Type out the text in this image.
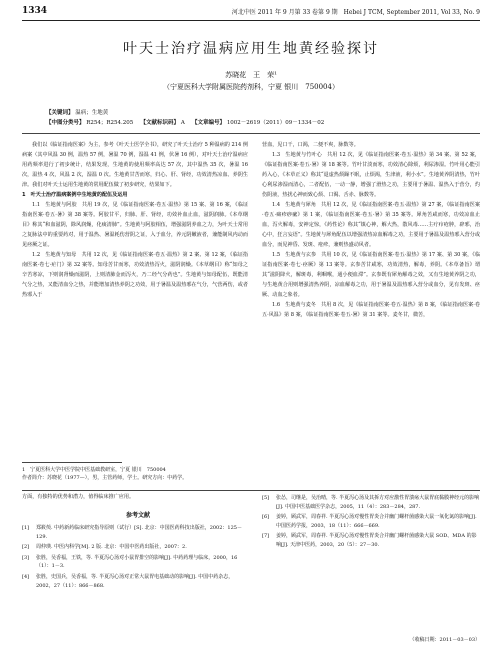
1334	河北中医 2011 年 9 月第 33 卷第 9 期　Hebei J TCM, September 2011, Vol 33, No. 9
叶天士治疗温病应用生地黄经验探讨
苏晓花　王　荣¹
（宁夏医科大学附属医院药剂科，宁夏 银川　750004）
【关键词】 温病；生地黄
【中图分类号】 R254；R254.205　 【文献标识码】 A　 【文章编号】 1002－2619（2011）09－1334－02

我们以《临证指南医案》为主，参考《叶天士医学全书》，研究了叶天士治疗 5 种温病的 214 例病案（其中风温 30 例，温热 57 例，暑温 70 例，湿温 41 例，伏暑 16 例），对叶天士治疗温病应用药频率进行了初步统计，结果发现，生地黄的使用频率高达 57 次，其中温热 35 次，暑温 16 次，温热 4 次，风温 2 次，湿温 0 次。生地黄甘苦而寒，归心、肝、肾经，功效清热凉血、养阴生津。我们对叶天士运用生地黄的常用配伍做了初步研究，结果如下。

1　叶天士治疗温病案例中生地黄的配伍及运用

1.1　生地黄与阿胶　共用 19 次，见《临证指南医案·卷五·温热》第 15 案、第 16 案，《临证指南医案·卷五·暑》第 38 案等。阿胶甘平，归肺、肝、肾经，功效补血止血，滋阴润肺。《本草纲目》称其“和血滋阴，除风润燥，化痰清肺”。生地黄与阿胶相伍，增强滋阴养血之力，为叶天士常用之复脉法中的重要药对，用于温热、暑温耗伤营阴之证，入于血分，养元阴嫩液者，兼能制风内动而见痉厥之证。

1.2　生地黄与知母　共用 12 次，见《临证指南医案·卷五·温热》第 2 案、第 12 案，《临证指南医案·卷七·疟门》第 32 案等。知母苦甘而寒，功效清热泻火，滋阴润燥。《本草纲目》称“知母之辛苦寒凉，下则润肾燥而滋阴，上则清肺金而泻火，乃二经气分药也”。生地黄与知母配伍，既能清气分之热，又能清血分之热，并能增加清热养阴之功效，用于暑温及温热邪在气分，气营两伤，或者热邪入于

营血，见口干，口渴，二便不爽，脉数等。

1.3　生地黄与竹叶心　共用 12 次，见《临证指南医案·卷五·温热》第 34 案、第 52 案，《临证指南医案·卷五·暑》第 18 案等。竹叶甘淡而寒，功效清心除烦，利尿渗湿。竹叶用心能引药入心，《本草正义》称其“退虚热烦躁不眠，止烦渴，生津液，利小水”。生地黄养阴清热，竹叶心利尿渗湿而清心，二者配伍，一动一静，增强了滑热之功，主要用于暑温、温热入于营分，灼伤阴液，热扰心神而致心烦、口渴、舌赤、脉数等。

1.4　生地黄与犀角　共用 12 次，见《临证指南医案·卷五·温热》第 27 案，《临证指南医案·卷五·癍疹痧瘰》第 1 案，《临证指南医案·卷五·暑》第 35 案等。犀角苦咸而寒，功效凉血止血，泻火解毒，安神定惊，《药性论》称其“镇心神，解大热，散风毒……主疔疖疮肿，辟邪，治心中，狂言妄语”。生地黄与犀角配伍以增强清热凉血解毒之功，主要用于暑温及温热邪入营分或血分，而见神昏、发斑、疮疹，兼则热盛动风者。

1.5　生地黄与玄参　共用 10 次，见《临证指南医案·卷五·温热》第 17 案、第 30 案，《临证指南医案·卷七·痉厥》第 13 案等。玄参苦甘咸寒，功效清热，解毒，养阴。《本草备旨》谓其“滋阴降火，解斑毒，利咽喉，通小便血滞”。玄参既有犀角解毒之效，又有生地黄养阴之功，与生地黄合用则增强清热养阴，凉血解毒之功，用于暑温及温热邪入营分或血分，见有发斑、痉厥、动血之象者。

1.6　生地黄与麦冬　共用 8 次，见《临证指南医案·卷五·温热》第 8 案，《临证指南医案·卷五·风温》第 8 案，《临证指南医案·卷五·暑》第 31 案等。麦冬甘，微苦，

1　宁夏医科大学中医学院中医基础教研室，宁夏 银川　750004
作者简介：苏晓花（1977—），男，主管药师，学士。研究方向：中药学。
方面，有独特的优势和潜力，值得临床推广应用。
参考文献
[1]	郑筱萸. 中药新药临床研究指导原则（试行）[S]. 北京：中国医药科技出版社，2002：125－129.
[2]	周仲瑛. 中医内科学[M]. 2 版. 北京：中国中医药出版社，2007：2.
[3]	张胜，吴香福，王铁，等. 半夏泻心汤对小鼠胃排空的影响[J]. 中药药理与临床，2000，16（1）：1－3.
[4]	张胜，史国兵，吴香福，等. 半夏泻心汤对正常大鼠胃电基础动的影响[J]. 中国中药杂志，2002，27（11）：866－868.
[5]	张怂，司继是，吴治晴，等. 半夏泻心汤及其拆方对应激性胃溃疡大鼠胃底黏膜神经元的影响[J]. 中国中医基础医学杂志，2005，11（4）：283－284，287.
[6]	姜婷，顾武军，周春祥. 半夏泻心汤对慢性胃炎合并幽门螺杆菌感染大鼠一氧化氮的影响[J]. 中国医药学报，2003，18（11）：666－669.
[7]	姜婷，顾武军，周春祥. 半夏泻心汤对慢性胃炎合并幽门螺杆菌感染大鼠 SOD、MDA 的影响[J]. 天津中医药，2003，20（5）：27－30.
（收稿日期：2011－03－03）
